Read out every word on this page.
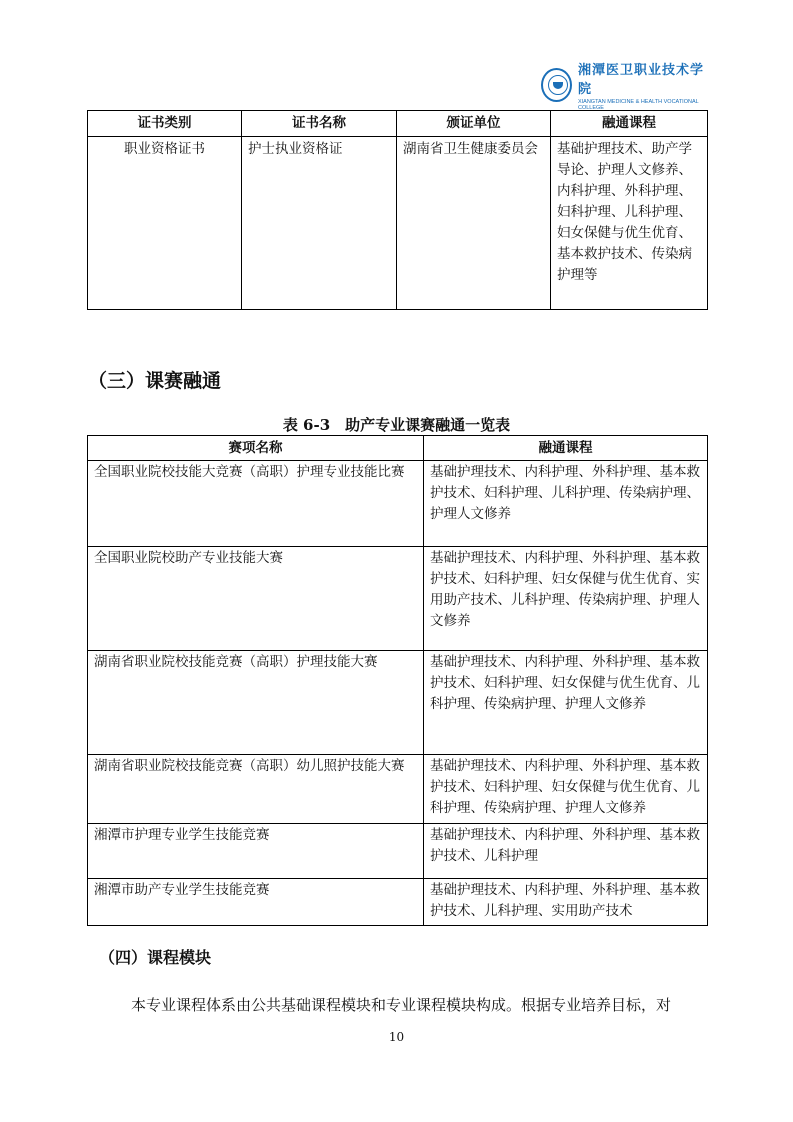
湘潭医卫职业技术学院
XIANGTAN MEDICINE & HEALTH VOCATIONAL COLLEGE
证书类别	证书名称	颁证单位	融通课程
职业资格证书	护士执业资格证	湖南省卫生健康委员会	基础护理技术、助产学导论、护理人文修养、内科护理、外科护理、妇科护理、儿科护理、妇女保健与优生优育、基本救护技术、传染病护理等
（三）课赛融通
表 6-3　助产专业课赛融通一览表
赛项名称	融通课程
全国职业院校技能大竞赛（高职）护理专业技能比赛	基础护理技术、内科护理、外科护理、基本救护技术、妇科护理、儿科护理、传染病护理、护理人文修养
全国职业院校助产专业技能大赛	基础护理技术、内科护理、外科护理、基本救护技术、妇科护理、妇女保健与优生优育、实用助产技术、儿科护理、传染病护理、护理人文修养
湖南省职业院校技能竞赛（高职）护理技能大赛	基础护理技术、内科护理、外科护理、基本救护技术、妇科护理、妇女保健与优生优育、儿科护理、传染病护理、护理人文修养
湖南省职业院校技能竞赛（高职）幼儿照护技能大赛	基础护理技术、内科护理、外科护理、基本救护技术、妇科护理、妇女保健与优生优育、儿科护理、传染病护理、护理人文修养
湘潭市护理专业学生技能竞赛	基础护理技术、内科护理、外科护理、基本救护技术、儿科护理
湘潭市助产专业学生技能竞赛	基础护理技术、内科护理、外科护理、基本救护技术、儿科护理、实用助产技术
（四）课程模块
本专业课程体系由公共基础课程模块和专业课程模块构成。根据专业培养目标，对
10
